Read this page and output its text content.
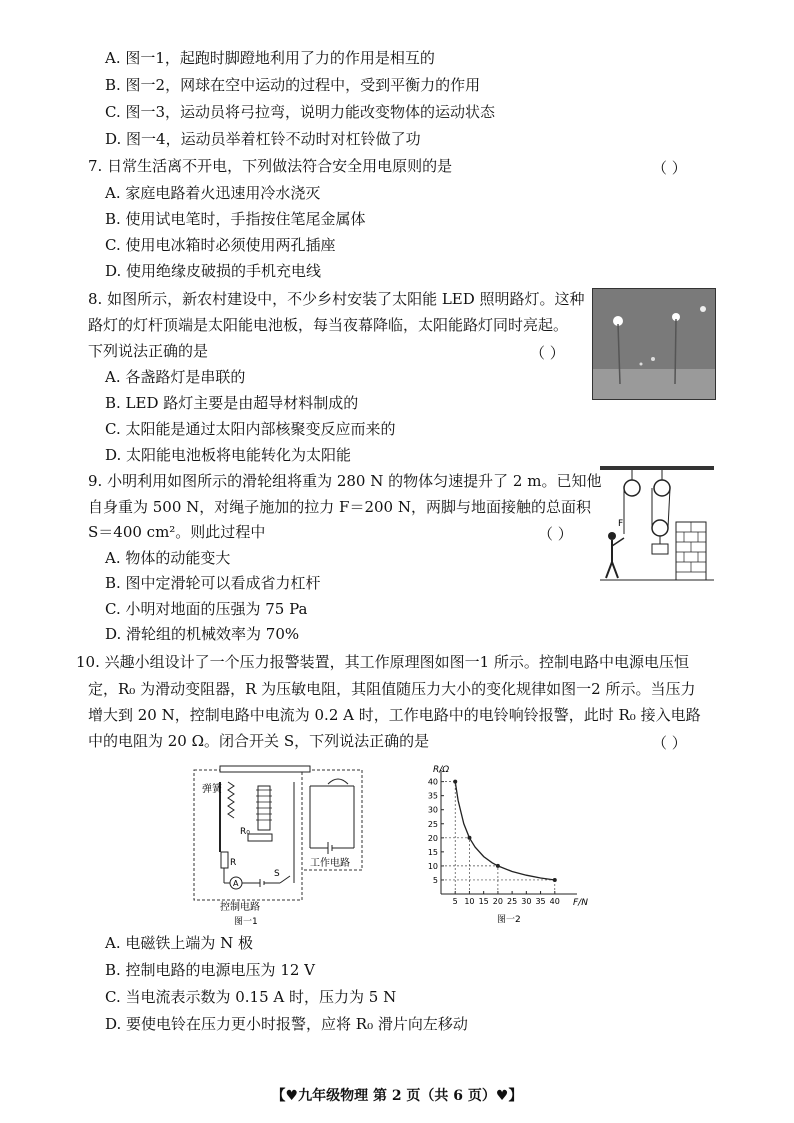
A. 图一1，起跑时脚蹬地利用了力的作用是相互的
B. 图一2，网球在空中运动的过程中，受到平衡力的作用
C. 图一3，运动员将弓拉弯，说明力能改变物体的运动状态
D. 图一4，运动员举着杠铃不动时对杠铃做了功
7. 日常生活离不开电，下列做法符合安全用电原则的是	（ ）
A. 家庭电路着火迅速用冷水浇灭
B. 使用试电笔时，手指按住笔尾金属体
C. 使用电冰箱时必须使用两孔插座
D. 使用绝缘皮破损的手机充电线
8. 如图所示，新农村建设中，不少乡村安装了太阳能 LED 照明路灯。这种
路灯的灯杆顶端是太阳能电池板，每当夜幕降临，太阳能路灯同时亮起。
下列说法正确的是	（ ）
A. 各盏路灯是串联的
B. LED 路灯主要是由超导材料制成的
C. 太阳能是通过太阳内部核聚变反应而来的
D. 太阳能电池板将电能转化为太阳能
9. 小明利用如图所示的滑轮组将重为 280 N 的物体匀速提升了 2 m。已知他
自身重为 500 N，对绳子施加的拉力 F＝200 N，两脚与地面接触的总面积
S＝400 cm²。则此过程中	（ ）
A. 物体的动能变大
B. 图中定滑轮可以看成省力杠杆
C. 小明对地面的压强为 75 Pa
D. 滑轮组的机械效率为 70%
F
10. 兴趣小组设计了一个压力报警装置，其工作原理图如图一1 所示。控制电路中电源电压恒
定，R₀ 为滑动变阻器，R 为压敏电阻，其阻值随压力大小的变化规律如图一2 所示。当压力
增大到 20 N，控制电路中电流为 0.2 A 时，工作电路中的电铃响铃报警，此时 R₀ 接入电路
中的电阻为 20 Ω。闭合开关 S，下列说法正确的是	（ ）
弹簧
R₀
R
A
S
工作电路
控制电路
图一1
R/Ω
F/N
图一2
5 10 15 20 25 30 35 40
5
10
15
20
25
30
35
40
A. 电磁铁上端为 N 极
B. 控制电路的电源电压为 12 V
C. 当电流表示数为 0.15 A 时，压力为 5 N
D. 要使电铃在压力更小时报警，应将 R₀ 滑片向左移动
【♥九年级物理 第 2 页（共 6 页）♥】
